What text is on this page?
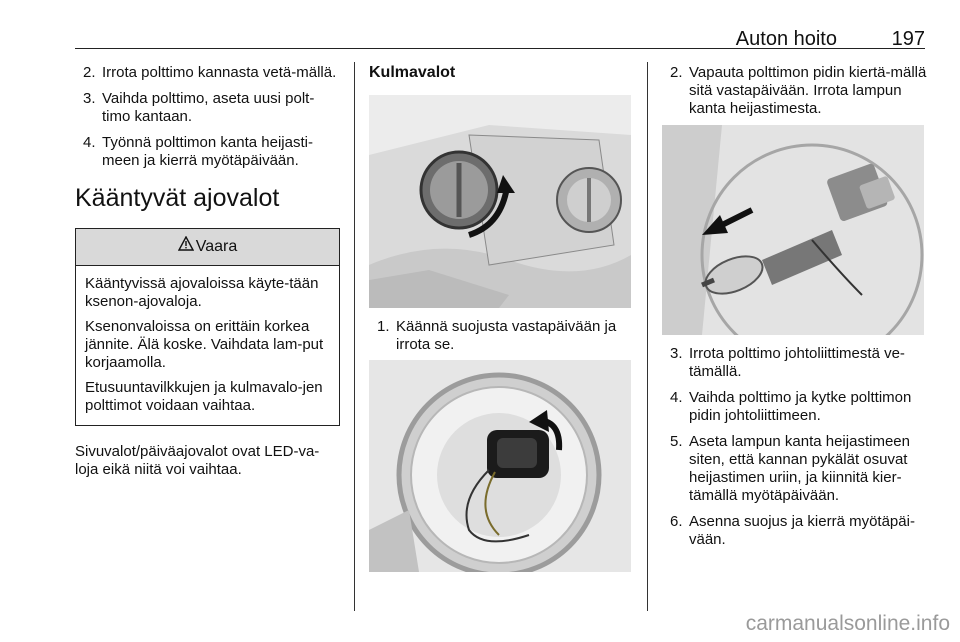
Auton hoito	197
2. Irrota polttimo kannasta vetä-mällä.
3. Vaihda polttimo, aseta uusi polt-timo kantaan.
4. Työnnä polttimon kanta heijasti-meen ja kierrä myötäpäivään.
Kääntyvät ajovalot
Vaara

Kääntyvissä ajovaloissa käyte-tään ksenon-ajovaloja.

Ksenonvaloissa on erittäin korkea jännite. Älä koske. Vaihdata lam-put korjaamolla.

Etusuuntavilkkujen ja kulmavalo-jen polttimot voidaan vaihtaa.

Sivuvalot/päiväajovalot ovat LED-va-loja eikä niitä voi vaihtaa.

Kulmavalot
1. Käännä suojusta vastapäivään ja irrota se.
2. Vapauta polttimon pidin kiertä-mällä sitä vastapäivään. Irrota lampun kanta heijastimesta.
3. Irrota polttimo johtoliittimestä ve-tämällä.
4. Vaihda polttimo ja kytke polttimon pidin johtoliittimeen.
5. Aseta lampun kanta heijastimeen siten, että kannan pykälät osuvat heijastimen uriin, ja kiinnitä kier-tämällä myötäpäivään.
6. Asenna suojus ja kierrä myötäpäi-vään.
carmanualsonline.info
